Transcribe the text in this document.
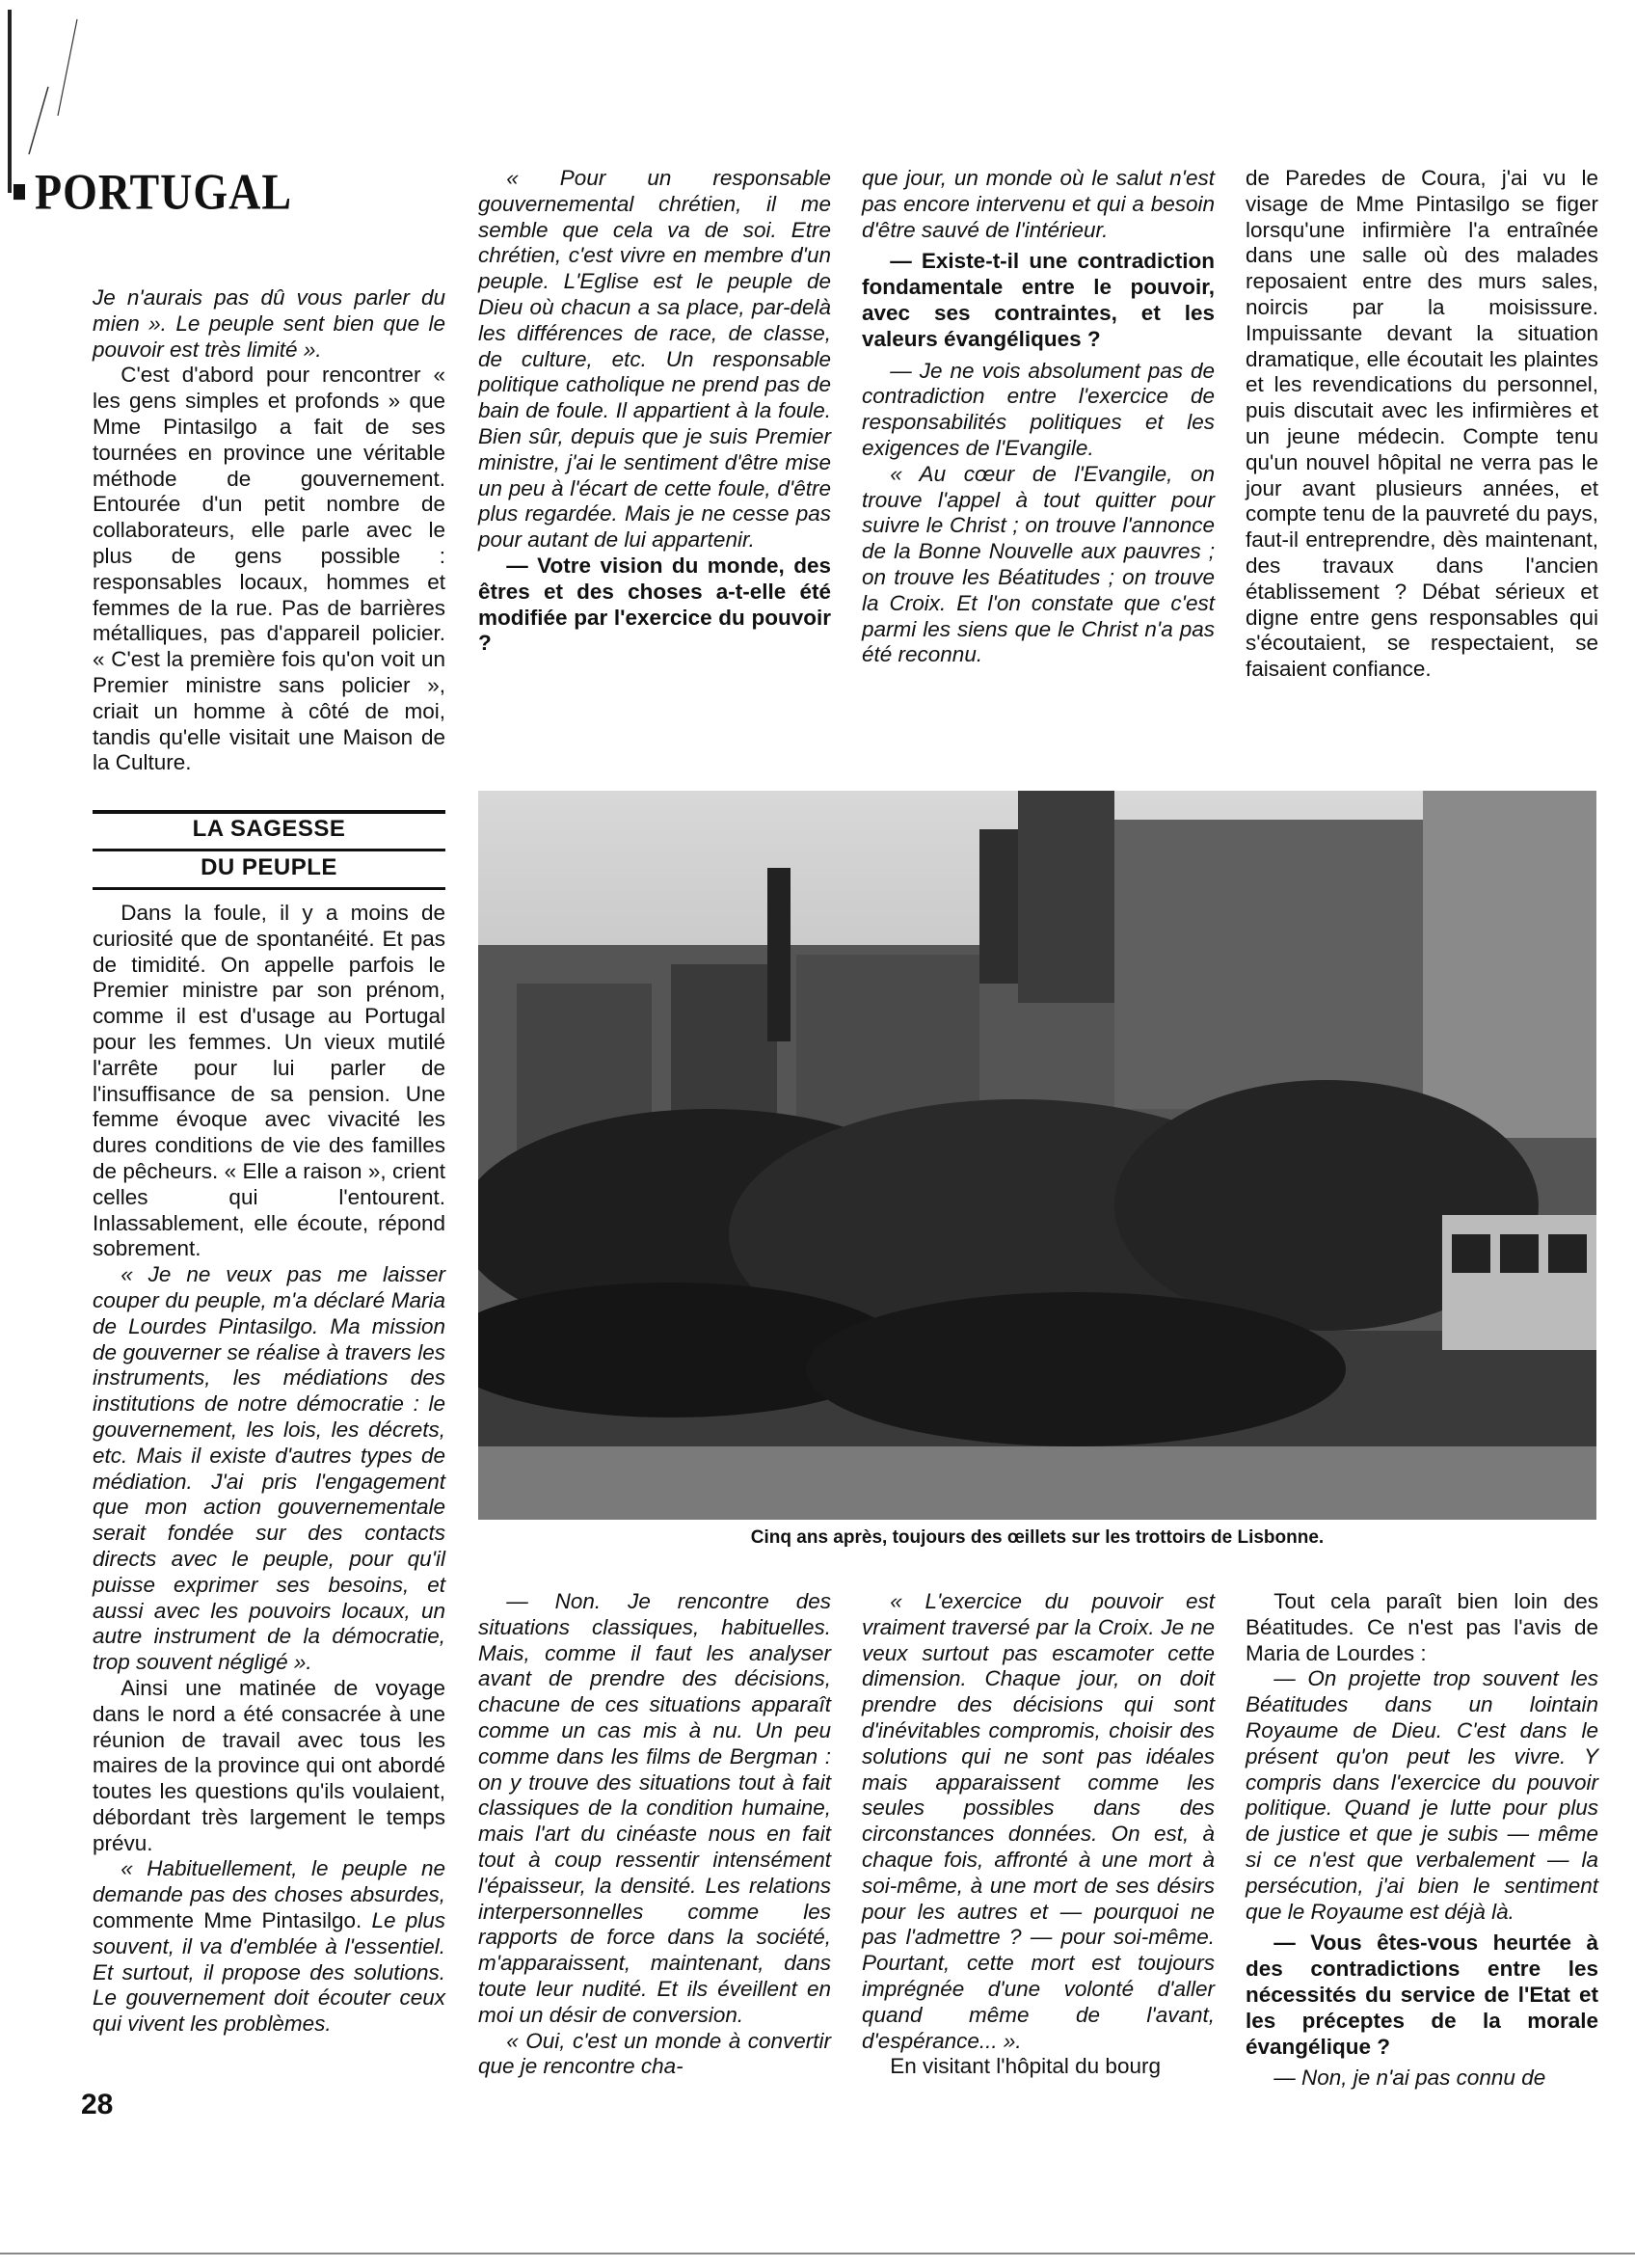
PORTUGAL

Je n'aurais pas dû vous parler du mien ». Le peuple sent bien que le pouvoir est très limité ».

C'est d'abord pour rencontrer « les gens simples et profonds » que Mme Pintasilgo a fait de ses tournées en province une véritable méthode de gouvernement. Entourée d'un petit nombre de collaborateurs, elle parle avec le plus de gens possible : responsables locaux, hommes et femmes de la rue. Pas de barrières métalliques, pas d'appareil policier. « C'est la première fois qu'on voit un Premier ministre sans policier », criait un homme à côté de moi, tandis qu'elle visitait une Maison de la Culture.

LA SAGESSE
DU PEUPLE

Dans la foule, il y a moins de curiosité que de spontanéité. Et pas de timidité. On appelle parfois le Premier ministre par son prénom, comme il est d'usage au Portugal pour les femmes. Un vieux mutilé l'arrête pour lui parler de l'insuffisance de sa pension. Une femme évoque avec vivacité les dures conditions de vie des familles de pêcheurs. « Elle a raison », crient celles qui l'entourent. Inlassablement, elle écoute, répond sobrement.

« Je ne veux pas me laisser couper du peuple, m'a déclaré Maria de Lourdes Pintasilgo. Ma mission de gouverner se réalise à travers les instruments, les médiations des institutions de notre démocratie : le gouvernement, les lois, les décrets, etc. Mais il existe d'autres types de médiation. J'ai pris l'engagement que mon action gouvernementale serait fondée sur des contacts directs avec le peuple, pour qu'il puisse exprimer ses besoins, et aussi avec les pouvoirs locaux, un autre instrument de la démocratie, trop souvent négligé ».

Ainsi une matinée de voyage dans le nord a été consacrée à une réunion de travail avec tous les maires de la province qui ont abordé toutes les questions qu'ils voulaient, débordant très largement le temps prévu.

« Habituellement, le peuple ne demande pas des choses absurdes, commente Mme Pintasilgo. Le plus souvent, il va d'emblée à l'essentiel. Et surtout, il propose des solutions. Le gouvernement doit écouter ceux qui vivent les problèmes.

« Pour un responsable gouvernemental chrétien, il me semble que cela va de soi. Etre chrétien, c'est vivre en membre d'un peuple. L'Eglise est le peuple de Dieu où chacun a sa place, par-delà les différences de race, de classe, de culture, etc. Un responsable politique catholique ne prend pas de bain de foule. Il appartient à la foule. Bien sûr, depuis que je suis Premier ministre, j'ai le sentiment d'être mise un peu à l'écart de cette foule, d'être plus regardée. Mais je ne cesse pas pour autant de lui appartenir.

— Votre vision du monde, des êtres et des choses a-t-elle été modifiée par l'exercice du pouvoir ?

que jour, un monde où le salut n'est pas encore intervenu et qui a besoin d'être sauvé de l'intérieur.

— Existe-t-il une contradiction fondamentale entre le pouvoir, avec ses contraintes, et les valeurs évangéliques ?

— Je ne vois absolument pas de contradiction entre l'exercice de responsabilités politiques et les exigences de l'Evangile.

« Au cœur de l'Evangile, on trouve l'appel à tout quitter pour suivre le Christ ; on trouve l'annonce de la Bonne Nouvelle aux pauvres ; on trouve les Béatitudes ; on trouve la Croix. Et l'on constate que c'est parmi les siens que le Christ n'a pas été reconnu.

de Paredes de Coura, j'ai vu le visage de Mme Pintasilgo se figer lorsqu'une infirmière l'a entraînée dans une salle où des malades reposaient entre des murs sales, noircis par la moisissure. Impuissante devant la situation dramatique, elle écoutait les plaintes et les revendications du personnel, puis discutait avec les infirmières et un jeune médecin. Compte tenu qu'un nouvel hôpital ne verra pas le jour avant plusieurs années, et compte tenu de la pauvreté du pays, faut-il entreprendre, dès maintenant, des travaux dans l'ancien établissement ? Débat sérieux et digne entre gens responsables qui s'écoutaient, se respectaient, se faisaient confiance.

Cinq ans après, toujours des œillets sur les trottoirs de Lisbonne.

— Non. Je rencontre des situations classiques, habituelles. Mais, comme il faut les analyser avant de prendre des décisions, chacune de ces situations apparaît comme un cas mis à nu. Un peu comme dans les films de Bergman : on y trouve des situations tout à fait classiques de la condition humaine, mais l'art du cinéaste nous en fait tout à coup ressentir intensément l'épaisseur, la densité. Les relations interpersonnelles comme les rapports de force dans la société, m'apparaissent, maintenant, dans toute leur nudité. Et ils éveillent en moi un désir de conversion.

« Oui, c'est un monde à convertir que je rencontre cha-

« L'exercice du pouvoir est vraiment traversé par la Croix. Je ne veux surtout pas escamoter cette dimension. Chaque jour, on doit prendre des décisions qui sont d'inévitables compromis, choisir des solutions qui ne sont pas idéales mais apparaissent comme les seules possibles dans des circonstances données. On est, à chaque fois, affronté à une mort à soi-même, à une mort de ses désirs pour les autres et — pourquoi ne pas l'admettre ? — pour soi-même. Pourtant, cette mort est toujours imprégnée d'une volonté d'aller quand même de l'avant, d'espérance... ».

En visitant l'hôpital du bourg

Tout cela paraît bien loin des Béatitudes. Ce n'est pas l'avis de Maria de Lourdes :

— On projette trop souvent les Béatitudes dans un lointain Royaume de Dieu. C'est dans le présent qu'on peut les vivre. Y compris dans l'exercice du pouvoir politique. Quand je lutte pour plus de justice et que je subis — même si ce n'est que verbalement — la persécution, j'ai bien le sentiment que le Royaume est déjà là.

— Vous êtes-vous heurtée à des contradictions entre les nécessités du service de l'Etat et les préceptes de la morale évangélique ?

— Non, je n'ai pas connu de

28
